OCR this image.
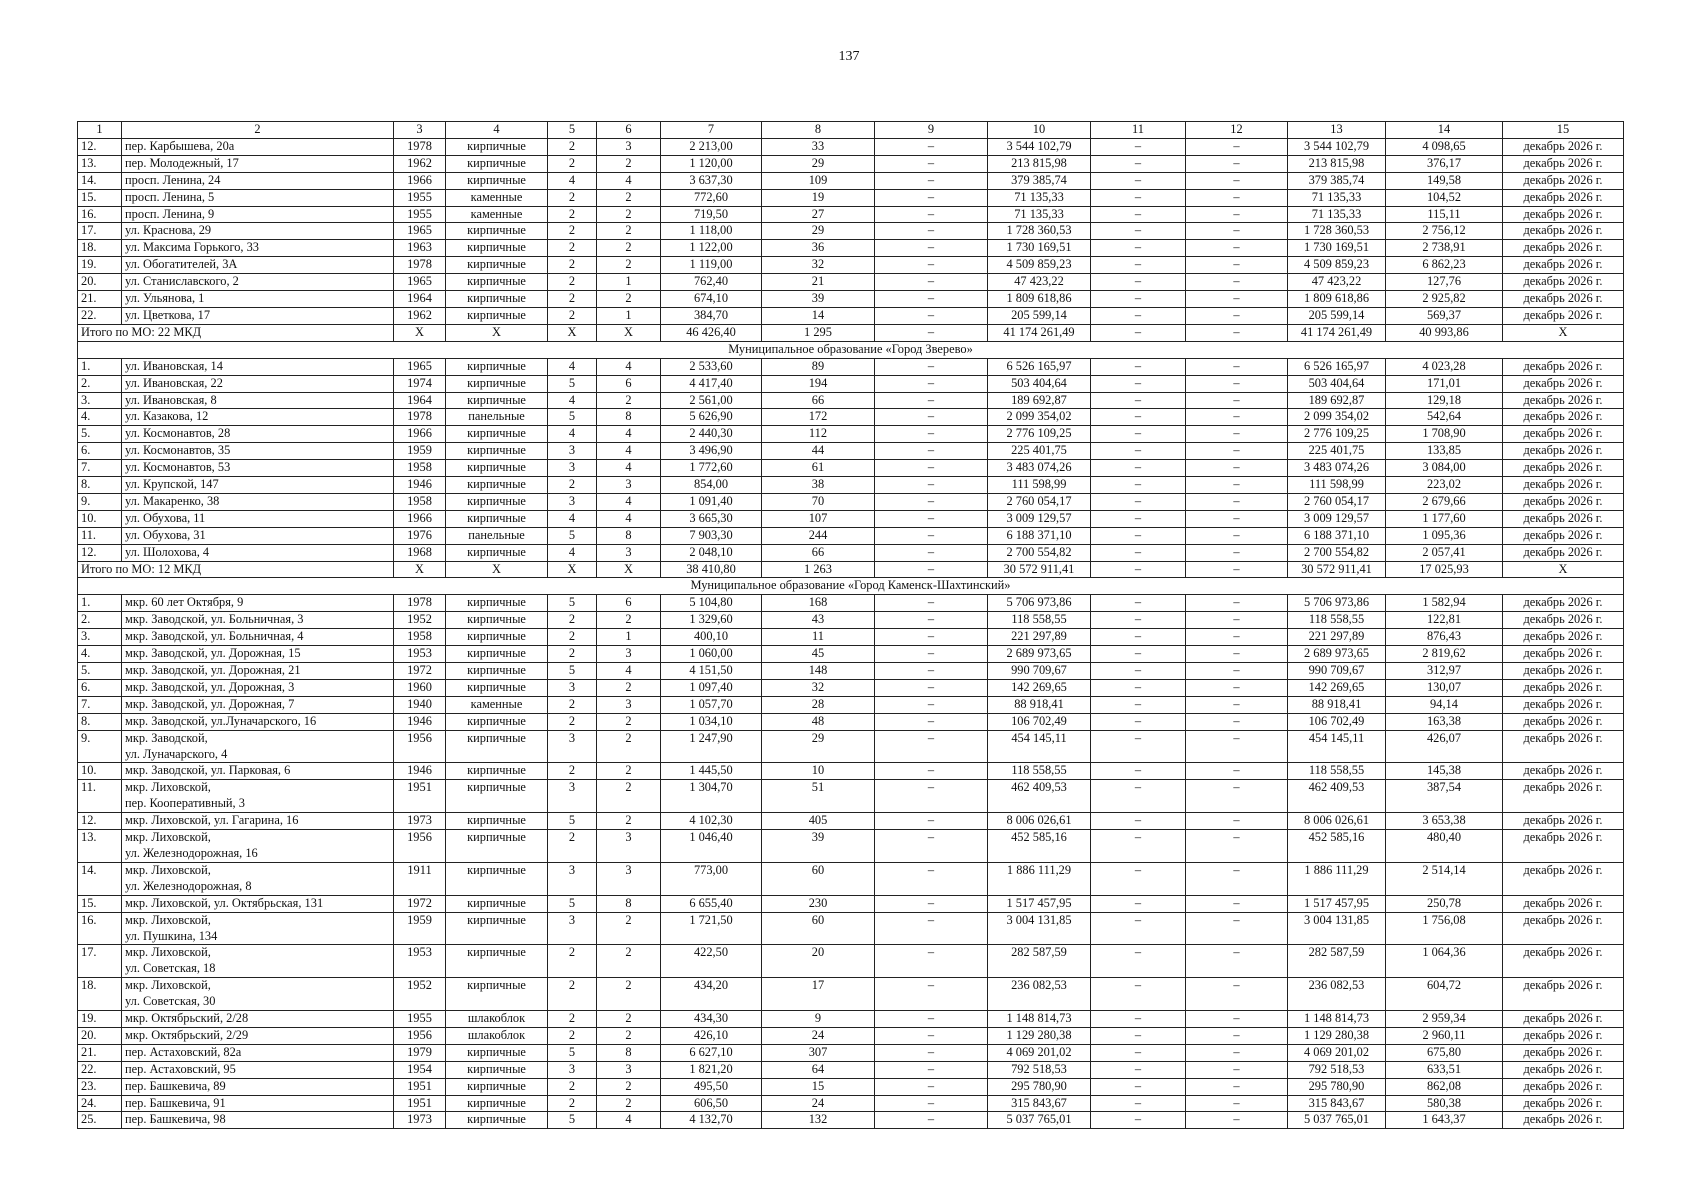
137
1	2	3	4	5	6	7	8	9	10	11	12	13	14	15
12.	пер. Карбышева, 20а	1978	кирпичные	2	3	2 213,00	33	–	3 544 102,79	–	–	3 544 102,79	4 098,65	декабрь 2026 г.
13.	пер. Молодежный, 17	1962	кирпичные	2	2	1 120,00	29	–	213 815,98	–	–	213 815,98	376,17	декабрь 2026 г.
14.	просп. Ленина, 24	1966	кирпичные	4	4	3 637,30	109	–	379 385,74	–	–	379 385,74	149,58	декабрь 2026 г.
15.	просп. Ленина, 5	1955	каменные	2	2	772,60	19	–	71 135,33	–	–	71 135,33	104,52	декабрь 2026 г.
16.	просп. Ленина, 9	1955	каменные	2	2	719,50	27	–	71 135,33	–	–	71 135,33	115,11	декабрь 2026 г.
17.	ул. Краснова, 29	1965	кирпичные	2	2	1 118,00	29	–	1 728 360,53	–	–	1 728 360,53	2 756,12	декабрь 2026 г.
18.	ул. Максима Горького, 33	1963	кирпичные	2	2	1 122,00	36	–	1 730 169,51	–	–	1 730 169,51	2 738,91	декабрь 2026 г.
19.	ул. Обогатителей, 3А	1978	кирпичные	2	2	1 119,00	32	–	4 509 859,23	–	–	4 509 859,23	6 862,23	декабрь 2026 г.
20.	ул. Станиславского, 2	1965	кирпичные	2	1	762,40	21	–	47 423,22	–	–	47 423,22	127,76	декабрь 2026 г.
21.	ул. Ульянова, 1	1964	кирпичные	2	2	674,10	39	–	1 809 618,86	–	–	1 809 618,86	2 925,82	декабрь 2026 г.
22.	ул. Цветкова, 17	1962	кирпичные	2	1	384,70	14	–	205 599,14	–	–	205 599,14	569,37	декабрь 2026 г.
Итого по МО: 22 МКД		X	X	X	X	46 426,40	1 295	–	41 174 261,49	–	–	41 174 261,49	40 993,86	X
Муниципальное образование «Город Зверево»														
1.	ул. Ивановская, 14	1965	кирпичные	4	4	2 533,60	89	–	6 526 165,97	–	–	6 526 165,97	4 023,28	декабрь 2026 г.
2.	ул. Ивановская, 22	1974	кирпичные	5	6	4 417,40	194	–	503 404,64	–	–	503 404,64	171,01	декабрь 2026 г.
3.	ул. Ивановская, 8	1964	кирпичные	4	2	2 561,00	66	–	189 692,87	–	–	189 692,87	129,18	декабрь 2026 г.
4.	ул. Казакова, 12	1978	панельные	5	8	5 626,90	172	–	2 099 354,02	–	–	2 099 354,02	542,64	декабрь 2026 г.
5.	ул. Космонавтов, 28	1966	кирпичные	4	4	2 440,30	112	–	2 776 109,25	–	–	2 776 109,25	1 708,90	декабрь 2026 г.
6.	ул. Космонавтов, 35	1959	кирпичные	3	4	3 496,90	44	–	225 401,75	–	–	225 401,75	133,85	декабрь 2026 г.
7.	ул. Космонавтов, 53	1958	кирпичные	3	4	1 772,60	61	–	3 483 074,26	–	–	3 483 074,26	3 084,00	декабрь 2026 г.
8.	ул. Крупской, 147	1946	кирпичные	2	3	854,00	38	–	111 598,99	–	–	111 598,99	223,02	декабрь 2026 г.
9.	ул. Макаренко, 38	1958	кирпичные	3	4	1 091,40	70	–	2 760 054,17	–	–	2 760 054,17	2 679,66	декабрь 2026 г.
10.	ул. Обухова, 11	1966	кирпичные	4	4	3 665,30	107	–	3 009 129,57	–	–	3 009 129,57	1 177,60	декабрь 2026 г.
11.	ул. Обухова, 31	1976	панельные	5	8	7 903,30	244	–	6 188 371,10	–	–	6 188 371,10	1 095,36	декабрь 2026 г.
12.	ул. Шолохова, 4	1968	кирпичные	4	3	2 048,10	66	–	2 700 554,82	–	–	2 700 554,82	2 057,41	декабрь 2026 г.
Итого по МО: 12 МКД		X	X	X	X	38 410,80	1 263	–	30 572 911,41	–	–	30 572 911,41	17 025,93	X
Муниципальное образование «Город Каменск-Шахтинский»														
1.	мкр. 60 лет Октября, 9	1978	кирпичные	5	6	5 104,80	168	–	5 706 973,86	–	–	5 706 973,86	1 582,94	декабрь 2026 г.
2.	мкр. Заводской, ул. Больничная, 3	1952	кирпичные	2	2	1 329,60	43	–	118 558,55	–	–	118 558,55	122,81	декабрь 2026 г.
3.	мкр. Заводской, ул. Больничная, 4	1958	кирпичные	2	1	400,10	11	–	221 297,89	–	–	221 297,89	876,43	декабрь 2026 г.
4.	мкр. Заводской, ул. Дорожная, 15	1953	кирпичные	2	3	1 060,00	45	–	2 689 973,65	–	–	2 689 973,65	2 819,62	декабрь 2026 г.
5.	мкр. Заводской, ул. Дорожная, 21	1972	кирпичные	5	4	4 151,50	148	–	990 709,67	–	–	990 709,67	312,97	декабрь 2026 г.
6.	мкр. Заводской, ул. Дорожная, 3	1960	кирпичные	3	2	1 097,40	32	–	142 269,65	–	–	142 269,65	130,07	декабрь 2026 г.
7.	мкр. Заводской, ул. Дорожная, 7	1940	каменные	2	3	1 057,70	28	–	88 918,41	–	–	88 918,41	94,14	декабрь 2026 г.
8.	мкр. Заводской, ул.Луначарского, 16	1946	кирпичные	2	2	1 034,10	48	–	106 702,49	–	–	106 702,49	163,38	декабрь 2026 г.
9.	мкр. Заводской,
ул. Луначарского, 4	1956	кирпичные	3	2	1 247,90	29	–	454 145,11	–	–	454 145,11	426,07	декабрь 2026 г.
10.	мкр. Заводской, ул. Парковая, 6	1946	кирпичные	2	2	1 445,50	10	–	118 558,55	–	–	118 558,55	145,38	декабрь 2026 г.
11.	мкр. Лиховской,
пер. Кооперативный, 3	1951	кирпичные	3	2	1 304,70	51	–	462 409,53	–	–	462 409,53	387,54	декабрь 2026 г.
12.	мкр. Лиховской, ул. Гагарина, 16	1973	кирпичные	5	2	4 102,30	405	–	8 006 026,61	–	–	8 006 026,61	3 653,38	декабрь 2026 г.
13.	мкр. Лиховской,
ул. Железнодорожная, 16	1956	кирпичные	2	3	1 046,40	39	–	452 585,16	–	–	452 585,16	480,40	декабрь 2026 г.
14.	мкр. Лиховской,
ул. Железнодорожная, 8	1911	кирпичные	3	3	773,00	60	–	1 886 111,29	–	–	1 886 111,29	2 514,14	декабрь 2026 г.
15.	мкр. Лиховской, ул. Октябрьская, 131	1972	кирпичные	5	8	6 655,40	230	–	1 517 457,95	–	–	1 517 457,95	250,78	декабрь 2026 г.
16.	мкр. Лиховской,
ул. Пушкина, 134	1959	кирпичные	3	2	1 721,50	60	–	3 004 131,85	–	–	3 004 131,85	1 756,08	декабрь 2026 г.
17.	мкр. Лиховской,
ул. Советская, 18	1953	кирпичные	2	2	422,50	20	–	282 587,59	–	–	282 587,59	1 064,36	декабрь 2026 г.
18.	мкр. Лиховской,
ул. Советская, 30	1952	кирпичные	2	2	434,20	17	–	236 082,53	–	–	236 082,53	604,72	декабрь 2026 г.
19.	мкр. Октябрьский, 2/28	1955	шлакоблок	2	2	434,30	9	–	1 148 814,73	–	–	1 148 814,73	2 959,34	декабрь 2026 г.
20.	мкр. Октябрьский, 2/29	1956	шлакоблок	2	2	426,10	24	–	1 129 280,38	–	–	1 129 280,38	2 960,11	декабрь 2026 г.
21.	пер. Астаховский, 82а	1979	кирпичные	5	8	6 627,10	307	–	4 069 201,02	–	–	4 069 201,02	675,80	декабрь 2026 г.
22.	пер. Астаховский, 95	1954	кирпичные	3	3	1 821,20	64	–	792 518,53	–	–	792 518,53	633,51	декабрь 2026 г.
23.	пер. Башкевича, 89	1951	кирпичные	2	2	495,50	15	–	295 780,90	–	–	295 780,90	862,08	декабрь 2026 г.
24.	пер. Башкевича, 91	1951	кирпичные	2	2	606,50	24	–	315 843,67	–	–	315 843,67	580,38	декабрь 2026 г.
25.	пер. Башкевича, 98	1973	кирпичные	5	4	4 132,70	132	–	5 037 765,01	–	–	5 037 765,01	1 643,37	декабрь 2026 г.
